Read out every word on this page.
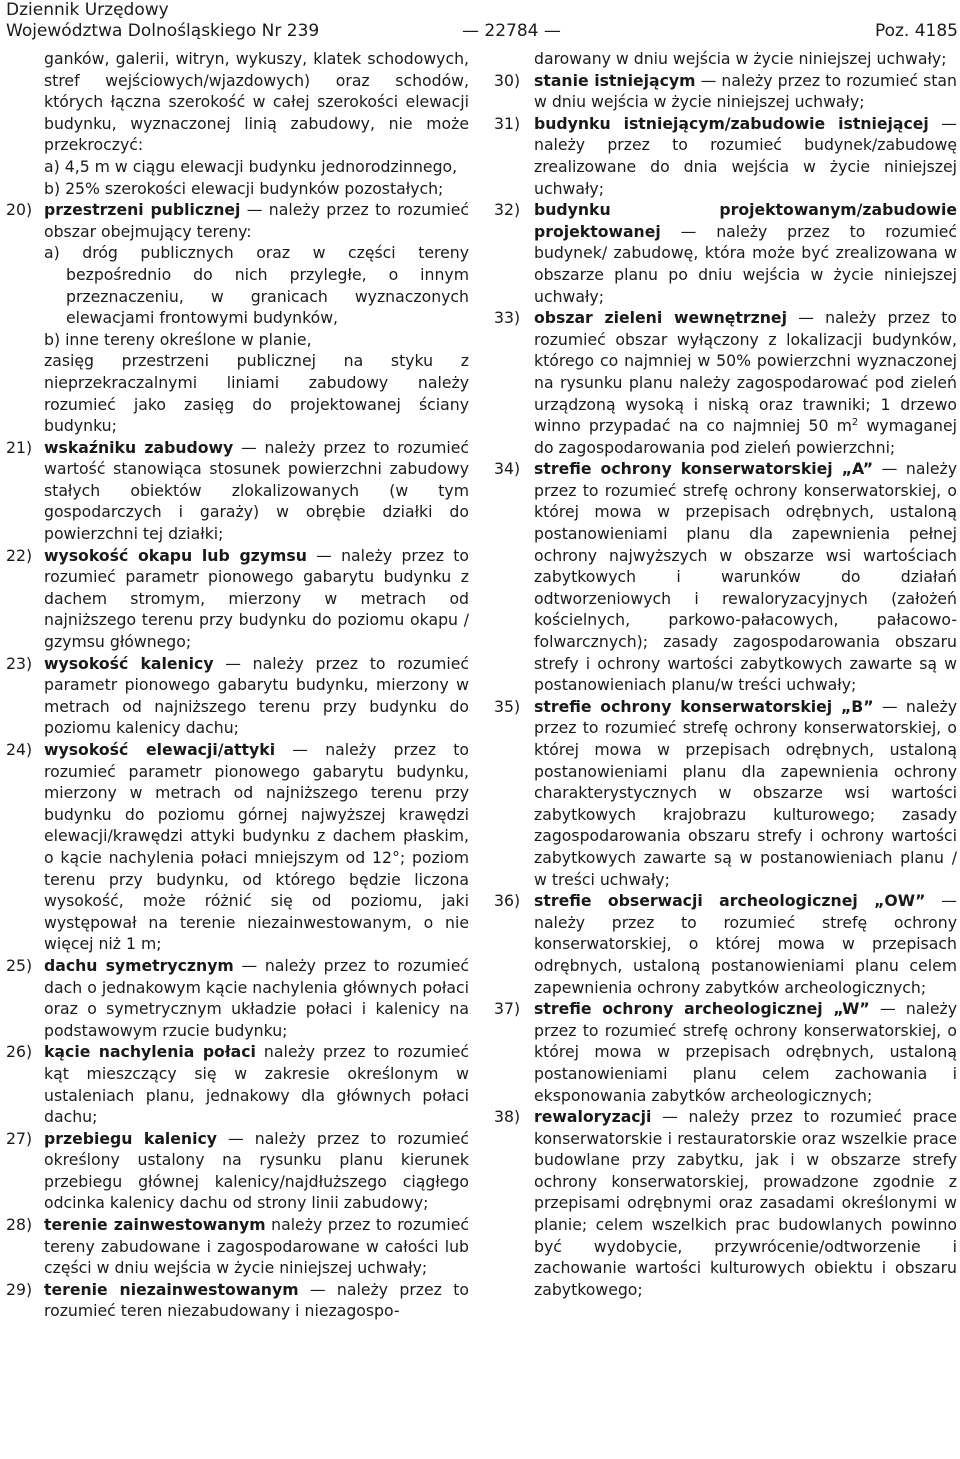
Dziennik Urzędowy
Województwa Dolnośląskiego Nr 239	— 22784 —	Poz. 4185
ganków, galerii, witryn, wykuszy, klatek schodowych, stref wejściowych/wjazdowych) oraz schodów, których łączna szerokość w całej szerokości elewacji budynku, wyznaczonej linią zabudowy, nie może przekroczyć:
a) 4,5 m w ciągu elewacji budynku jednorodzinnego,
b) 25% szerokości elewacji budynków pozostałych;
20) przestrzeni publicznej — należy przez to rozumieć obszar obejmujący tereny:
a) dróg publicznych oraz w części tereny bezpośrednio do nich przyległe, o innym przeznaczeniu, w granicach wyznaczonych elewacjami frontowymi budynków,
b) inne tereny określone w planie,
zasięg przestrzeni publicznej na styku z nieprzekraczalnymi liniami zabudowy należy rozumieć jako zasięg do projektowanej ściany budynku;
21) wskaźniku zabudowy — należy przez to rozumieć wartość stanowiąca stosunek powierzchni zabudowy stałych obiektów zlokalizowanych (w tym gospodarczych i garaży) w obrębie działki do powierzchni tej działki;
22) wysokość okapu lub gzymsu — należy przez to rozumieć parametr pionowego gabarytu budynku z dachem stromym, mierzony w metrach od najniższego terenu przy budynku do poziomu okapu / gzymsu głównego;
23) wysokość kalenicy — należy przez to rozumieć parametr pionowego gabarytu budynku, mierzony w metrach od najniższego terenu przy budynku do poziomu kalenicy dachu;
24) wysokość elewacji/attyki — należy przez to rozumieć parametr pionowego gabarytu budynku, mierzony w metrach od najniższego terenu przy budynku do poziomu górnej najwyższej krawędzi elewacji/krawędzi attyki budynku z dachem płaskim, o kącie nachylenia połaci mniejszym od 12°; poziom terenu przy budynku, od którego będzie liczona wysokość, może różnić się od poziomu, jaki występował na terenie niezainwestowanym, o nie więcej niż 1 m;
25) dachu symetrycznym — należy przez to rozumieć dach o jednakowym kącie nachylenia głównych połaci oraz o symetrycznym układzie połaci i kalenicy na podstawowym rzucie budynku;
26) kącie nachylenia połaci należy przez to rozumieć kąt mieszczący się w zakresie określonym w ustaleniach planu, jednakowy dla głównych połaci dachu;
27) przebiegu kalenicy — należy przez to rozumieć określony ustalony na rysunku planu kierunek przebiegu głównej kalenicy/najdłuższego ciągłego odcinka kalenicy dachu od strony linii zabudowy;
28) terenie zainwestowanym należy przez to rozumieć tereny zabudowane i zagospodarowane w całości lub części w dniu wejścia w życie niniejszej uchwały;
29) terenie niezainwestowanym — należy przez to rozumieć teren niezabudowany i niezagospo-
darowany w dniu wejścia w życie niniejszej uchwały;
30) stanie istniejącym — należy przez to rozumieć stan w dniu wejścia w życie niniejszej uchwały;
31) budynku istniejącym/zabudowie istniejącej — należy przez to rozumieć budynek/zabudowę zrealizowane do dnia wejścia w życie niniejszej uchwały;
32) budynku projektowanym/zabudowie projektowanej — należy przez to rozumieć budynek/ zabudowę, która może być zrealizowana w obszarze planu po dniu wejścia w życie niniejszej uchwały;
33) obszar zieleni wewnętrznej — należy przez to rozumieć obszar wyłączony z lokalizacji budynków, którego co najmniej w 50% powierzchni wyznaczonej na rysunku planu należy zagospodarować pod zieleń urządzoną wysoką i niską oraz trawniki; 1 drzewo winno przypadać na co najmniej 50 $m^2$ wymaganej do zagospodarowania pod zieleń powierzchni;
34) strefie ochrony konserwatorskiej „A” — należy przez to rozumieć strefę ochrony konserwatorskiej, o której mowa w przepisach odrębnych, ustaloną postanowieniami planu dla zapewnienia pełnej ochrony najwyższych w obszarze wsi wartościach zabytkowych i warunków do działań odtworzeniowych i rewaloryzacyjnych (założeń kościelnych, parkowo-pałacowych, pałacowo-folwarcznych); zasady zagospodarowania obszaru strefy i ochrony wartości zabytkowych zawarte są w postanowieniach planu/w treści uchwały;
35) strefie ochrony konserwatorskiej „B” — należy przez to rozumieć strefę ochrony konserwatorskiej, o której mowa w przepisach odrębnych, ustaloną postanowieniami planu dla zapewnienia ochrony charakterystycznych w obszarze wsi wartości zabytkowych krajobrazu kulturowego; zasady zagospodarowania obszaru strefy i ochrony wartości zabytkowych zawarte są w postanowieniach planu / w treści uchwały;
36) strefie obserwacji archeologicznej „OW” — należy przez to rozumieć strefę ochrony konserwatorskiej, o której mowa w przepisach odrębnych, ustaloną postanowieniami planu celem zapewnienia ochrony zabytków archeologicznych;
37) strefie ochrony archeologicznej „W” — należy przez to rozumieć strefę ochrony konserwatorskiej, o której mowa w przepisach odrębnych, ustaloną postanowieniami planu celem zachowania i eksponowania zabytków archeologicznych;
38) rewaloryzacji — należy przez to rozumieć prace konserwatorskie i restauratorskie oraz wszelkie prace budowlane przy zabytku, jak i w obszarze strefy ochrony konserwatorskiej, prowadzone zgodnie z przepisami odrębnymi oraz zasadami określonymi w planie; celem wszelkich prac budowlanych powinno być wydobycie, przywrócenie/odtworzenie i zachowanie wartości kulturowych obiektu i obszaru zabytkowego;
